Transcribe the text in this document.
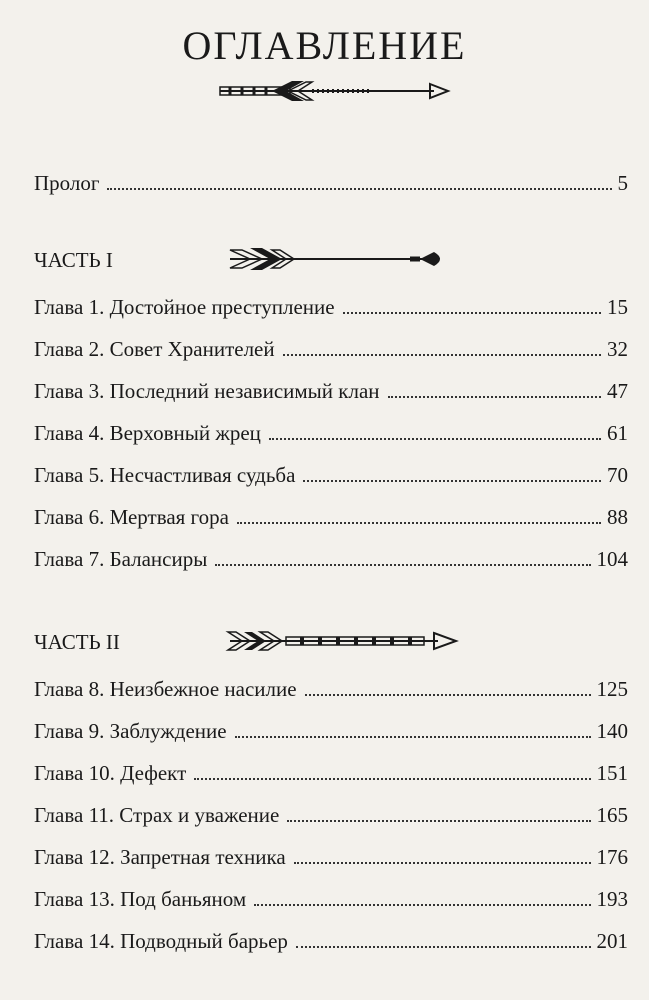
ОГЛАВЛЕНИЕ
Пролог	5
ЧАСТЬ I
Глава 1. Достойное преступление	15
Глава 2. Совет Хранителей	32
Глава 3. Последний независимый клан	47
Глава 4. Верховный жрец	61
Глава 5. Несчастливая судьба	70
Глава 6. Мертвая гора	88
Глава 7. Балансиры	104
ЧАСТЬ II
Глава 8. Неизбежное насилие	125
Глава 9. Заблуждение	140
Глава 10. Дефект	151
Глава 11. Страх и уважение	165
Глава 12. Запретная техника	176
Глава 13. Под баньяном	193
Глава 14. Подводный барьер	201
